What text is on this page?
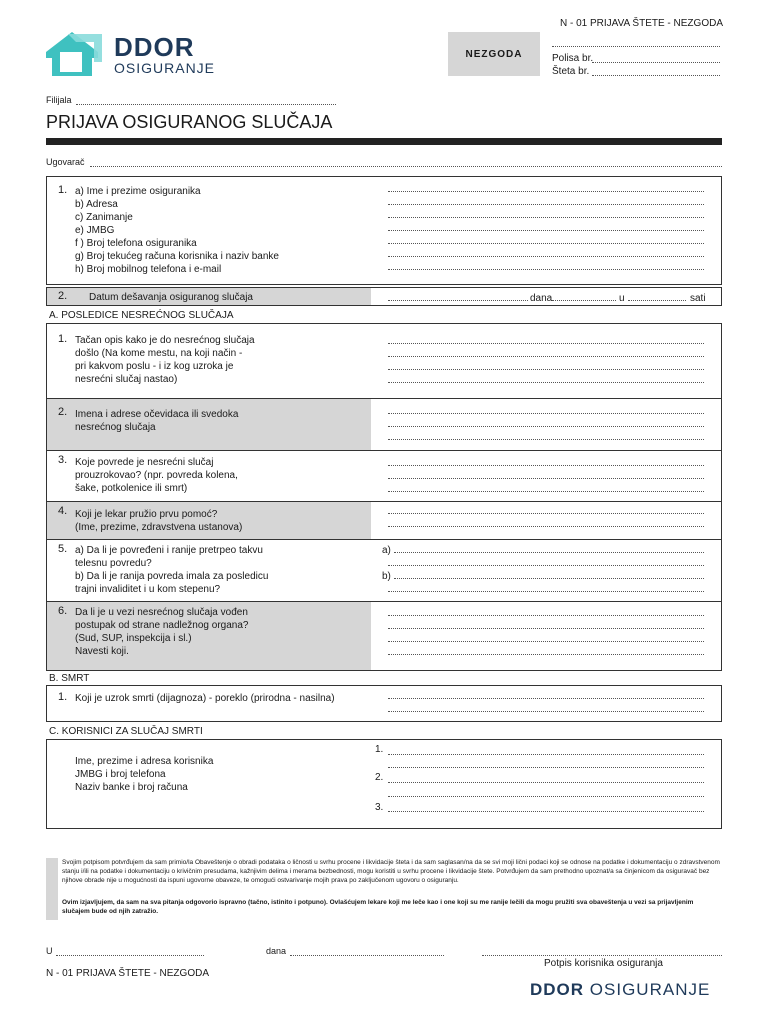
N - 01 PRIJAVA ŠTETE - NEZGODA
DDOR
OSIGURANJE
NEZGODA	Polisa br.
Šteta br.
Filijala
PRIJAVA OSIGURANOG SLUČAJA
Ugovarač
1. a) Ime i prezime osiguranika
b) Adresa
c) Zanimanje
e) JMBG
f ) Broj telefona osiguranika
g) Broj tekućeg računa korisnika i naziv banke
h) Broj mobilnog telefona i e-mail
2. Datum dešavanja osiguranog slučaja	dana	u	sati
A. POSLEDICE NESREĆNOG SLUČAJA
1. Tačan opis kako je do nesrećnog slučaja
došlo (Na kome mestu, na koji način -
pri kakvom poslu - i iz kog uzroka je
nesrećni slučaj nastao)
2. Imena i adrese očevidaca ili svedoka
nesrećnog slučaja
3. Koje povrede je nesrećni slučaj
prouzrokovao? (npr. povreda kolena,
šake, potkolenice ili smrt)
4. Koji je lekar pružio prvu pomoć?
(Ime, prezime, zdravstvena ustanova)
5. a) Da li je povređeni i ranije pretrpeo takvu
telesnu povredu?
b) Da li je ranija povreda imala za posledicu
trajni invaliditet i u kom stepenu?
a)
b)
6. Da li je u vezi nesrećnog slučaja vođen
postupak od strane nadležnog organa?
(Sud, SUP, inspekcija i sl.)
Navesti koji.
B. SMRT
1. Koji je uzrok smrti (dijagnoza) - poreklo (prirodna - nasilna)
C. KORISNICI ZA SLUČAJ SMRTI
Ime, prezime i adresa korisnika
JMBG i broj telefona
Naziv banke i broj računa
1.
2.
3.
Svojim potpisom potvrđujem da sam primio/la Obaveštenje o obradi podataka o ličnosti u svrhu procene i likvidacije šteta i da sam saglasan/na da se svi moji lični podaci koji se odnose na podatke i dokumentaciju o zdravstvenom stanju i/ili na podatke i dokumentaciju o krivičnim presudama, kažnjivim delima i merama bezbednosti, mogu koristiti u svrhu procene i likvidacije štete. Potvrđujem da sam prethodno upoznat/a sa činjenicom da osiguravač bez njihove obrade nije u mogućnosti da ispuni ugovorne obaveze, te omogući ostvarivanje mojih prava po zaključenom ugovoru o osiguranju.
Ovim izjavljujem, da sam na sva pitanja odgovorio ispravno (tačno, istinito i potpuno). Ovlašćujem lekare koji me leče kao i one koji su me ranije lečili da mogu pružiti sva obaveštenja u vezi sa prijavljenim slučajem bude od njih zatražio.
U	dana
Potpis korisnika osiguranja
N - 01 PRIJAVA ŠTETE - NEZGODA
DDOR OSIGURANJE
